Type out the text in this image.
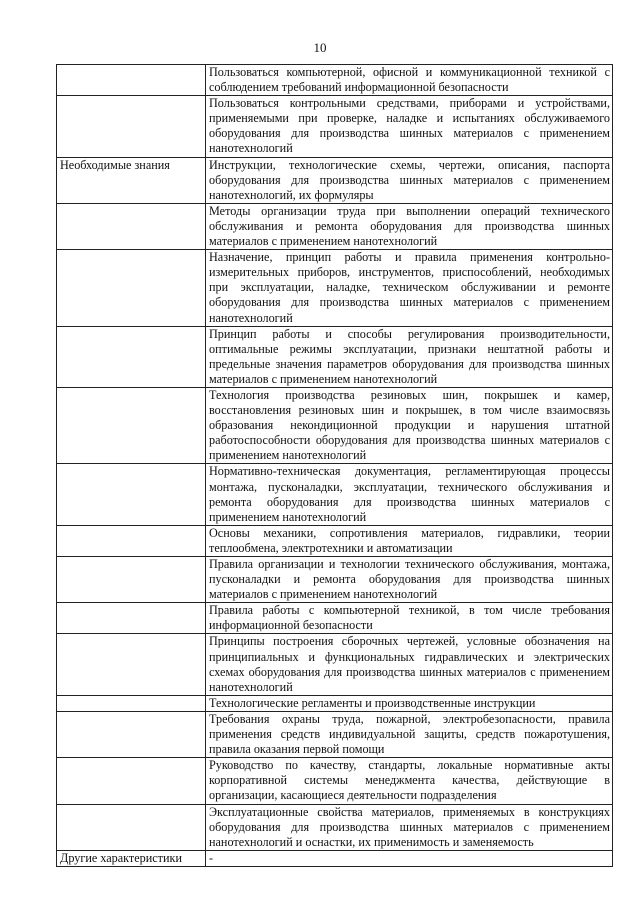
10
	Пользоваться компьютерной, офисной и коммуникационной техникой с соблюдением требований информационной безопасности
	Пользоваться контрольными средствами, приборами и устройствами, применяемыми при проверке, наладке и испытаниях обслуживаемого оборудования для производства шинных материалов с применением нанотехнологий
Необходимые знания	Инструкции, технологические схемы, чертежи, описания, паспорта оборудования для производства шинных материалов с применением нанотехнологий, их формуляры
	Методы организации труда при выполнении операций технического обслуживания и ремонта оборудования для производства шинных материалов с применением нанотехнологий
	Назначение, принцип работы и правила применения контрольно-измерительных приборов, инструментов, приспособлений, необходимых при эксплуатации, наладке, техническом обслуживании и ремонте оборудования для производства шинных материалов с применением нанотехнологий
	Принцип работы и способы регулирования производительности, оптимальные режимы эксплуатации, признаки нештатной работы и предельные значения параметров оборудования для производства шинных материалов с применением нанотехнологий
	Технология производства резиновых шин, покрышек и камер, восстановления резиновых шин и покрышек, в том числе взаимосвязь образования некондиционной продукции и нарушения штатной работоспособности оборудования для производства шинных материалов с применением нанотехнологий
	Нормативно-техническая документация, регламентирующая процессы монтажа, пусконаладки, эксплуатации, технического обслуживания и ремонта оборудования для производства шинных материалов с применением нанотехнологий
	Основы механики, сопротивления материалов, гидравлики, теории теплообмена, электротехники и автоматизации
	Правила организации и технологии технического обслуживания, монтажа, пусконаладки и ремонта оборудования для производства шинных материалов с применением нанотехнологий
	Правила работы с компьютерной техникой, в том числе требования информационной безопасности
	Принципы построения сборочных чертежей, условные обозначения на принципиальных и функциональных гидравлических и электрических схемах оборудования для производства шинных материалов с применением нанотехнологий
	Технологические регламенты и производственные инструкции
	Требования охраны труда, пожарной, электробезопасности, правила применения средств индивидуальной защиты, средств пожаротушения, правила оказания первой помощи
	Руководство по качеству, стандарты, локальные нормативные акты корпоративной системы менеджмента качества, действующие в организации, касающиеся деятельности подразделения
	Эксплуатационные свойства материалов, применяемых в конструкциях оборудования для производства шинных материалов с применением нанотехнологий и оснастки, их применимость и заменяемость
Другие характеристики	-
